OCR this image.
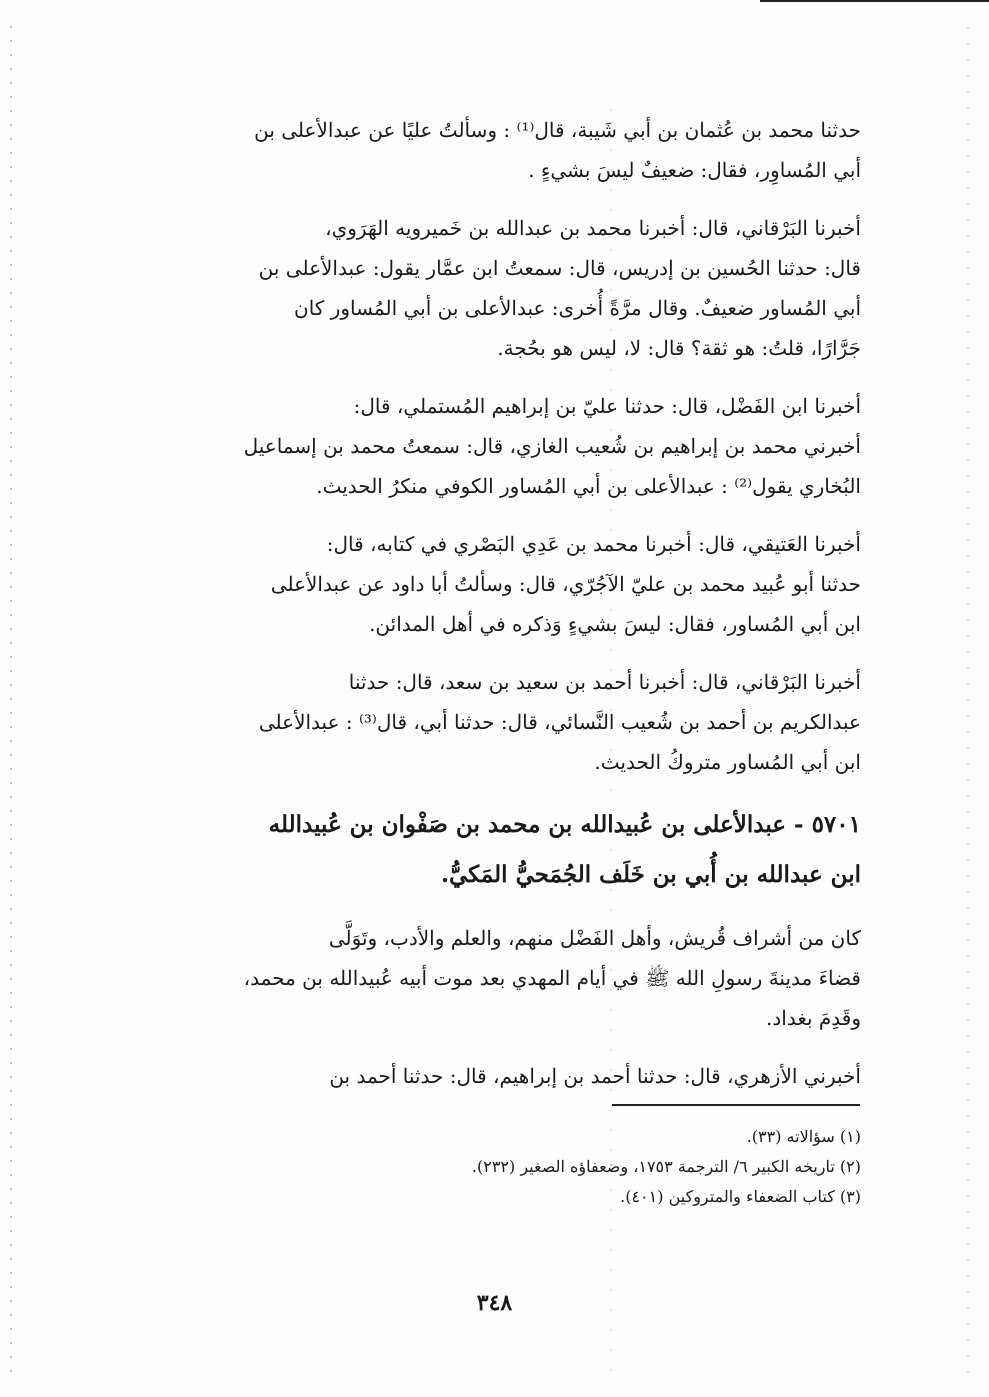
حدثنا محمد بن عُثمان بن أبي شَيبة، قال⁽¹⁾ : وسألتُ عليًا عن عبدالأعلى بن
أبي المُساوِر، فقال: ضعيفٌ ليسَ بشيءٍ .
أخبرنا البَرْقاني، قال: أخبرنا محمد بن عبدالله بن خَميرويه الهَرَوي،
قال: حدثنا الحُسين بن إدريس، قال: سمعتُ ابن عمَّار يقول: عبدالأعلى بن
أبي المُساور ضعيفٌ. وقال مرَّةً أُخرى: عبدالأعلى بن أبي المُساور كان
جَرَّارًا، قلتُ: هو ثقة؟ قال: لا، ليس هو بحُجة.
أخبرنا ابن الفَضْل، قال: حدثنا عليّ بن إبراهيم المُستملي، قال:
أخبرني محمد بن إبراهيم بن شُعيب الغازي، قال: سمعتُ محمد بن إسماعيل
البُخاري يقول⁽²⁾ : عبدالأعلى بن أبي المُساور الكوفي منكرُ الحديث.
أخبرنا العَتيقي، قال: أخبرنا محمد بن عَدِي البَصْري في كتابه، قال:
حدثنا أبو عُبيد محمد بن عليّ الآجُرّي، قال: وسألتُ أبا داود عن عبدالأعلى
ابن أبي المُساور، فقال: ليسَ بشيءٍ وَذكره في أهل المدائن.
أخبرنا البَرْقاني، قال: أخبرنا أحمد بن سعيد بن سعد، قال: حدثنا
عبدالكريم بن أحمد بن شُعيب النَّسائي، قال: حدثنا أبي، قال⁽³⁾ : عبدالأعلى
ابن أبي المُساور متروكُ الحديث.
٥٧٠١ - عبدالأعلى بن عُبيدالله بن محمد بن صَفْوان بن عُبيدالله
ابن عبدالله بن أُبي بن خَلَف الجُمَحيُّ المَكيُّ.
كان من أشراف قُريش، وأهل الفَضْل منهم، والعلم والأدب، وتَوَلَّى
قضاءَ مدينةَ رسولِ الله ﷺ في أيام المهدي بعد موت أبيه عُبيدالله بن محمد،
وقَدِمَ بغداد.
أخبرني الأزهري، قال: حدثنا أحمد بن إبراهيم، قال: حدثنا أحمد بن
(١) سؤالاته (٣٣).
(٢) تاريخه الكبير ٦/ الترجمة ١٧٥٣، وضعفاؤه الصغير (٢٣٢).
(٣) كتاب الضعفاء والمتروكين (٤٠١).
٣٤٨
